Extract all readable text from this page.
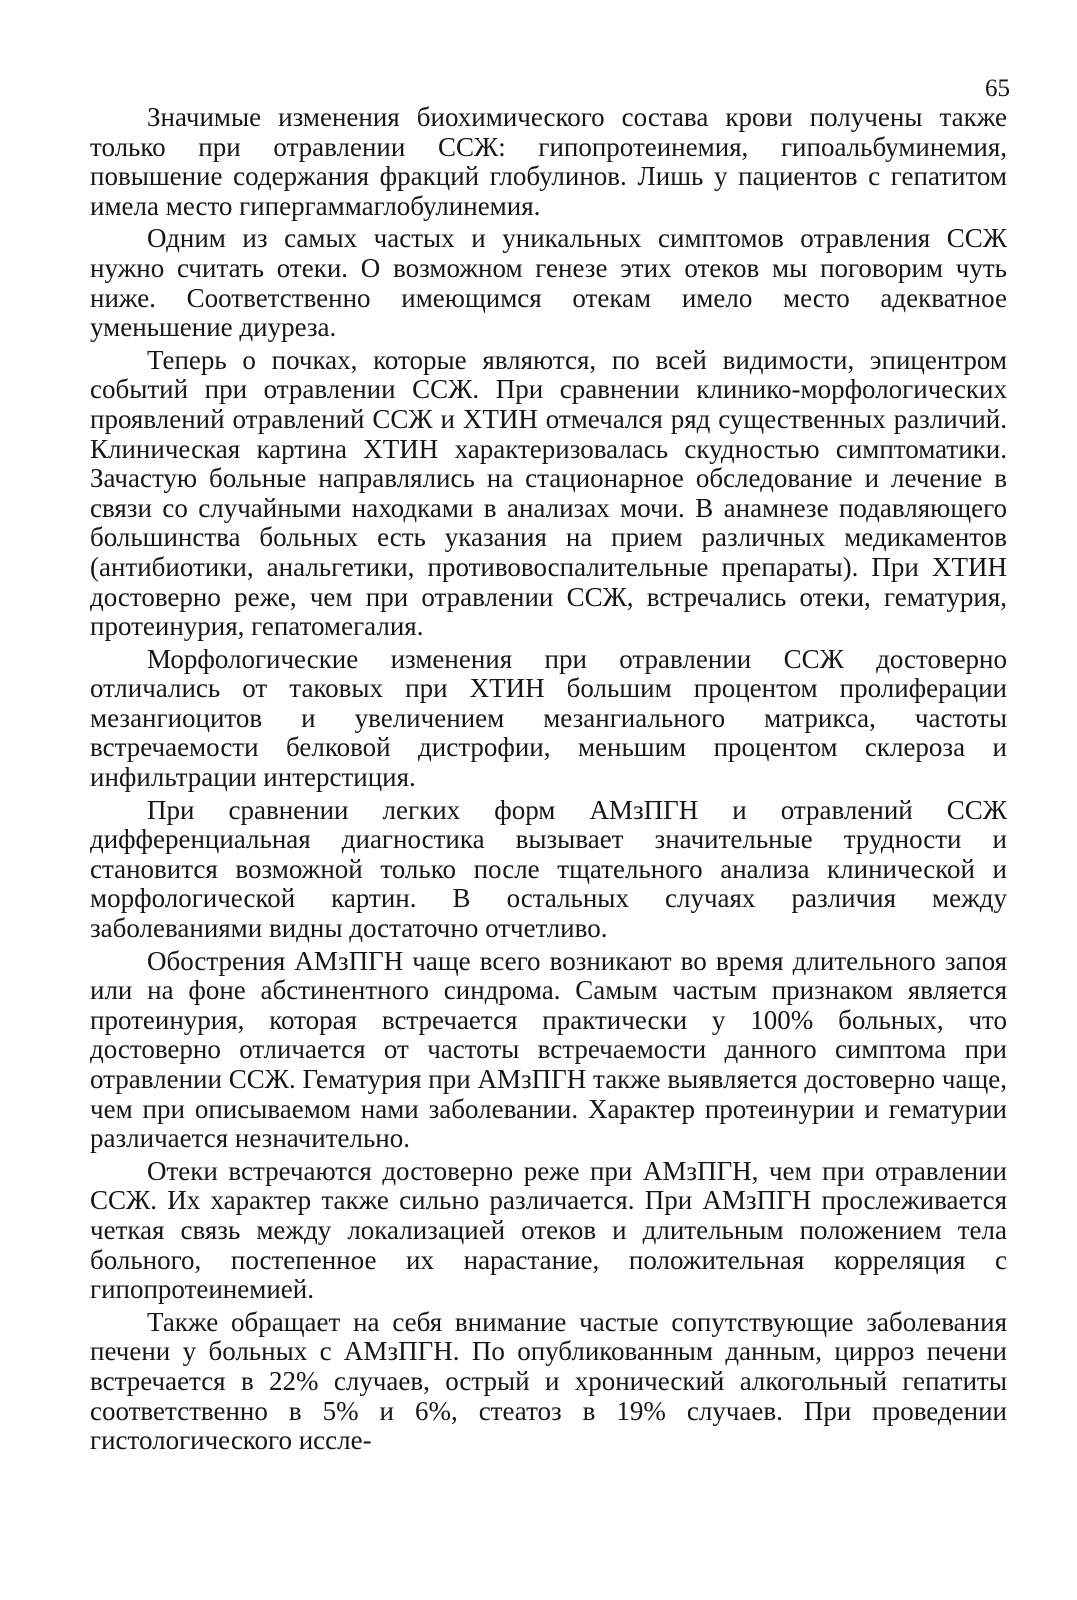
65

Значимые изменения биохимического состава крови получены также только при отравлении ССЖ: гипопротеинемия, гипоальбуминемия, повышение содержания фракций глобулинов. Лишь у пациентов с гепатитом имела место гипергаммаглобулинемия.

Одним из самых частых и уникальных симптомов отравления ССЖ нужно считать отеки. О возможном генезе этих отеков мы поговорим чуть ниже. Соответственно имеющимся отекам имело место адекватное уменьшение диуреза.

Теперь о почках, которые являются, по всей видимости, эпицентром событий при отравлении ССЖ. При сравнении клинико-морфологических проявлений отравлений ССЖ и ХТИН отмечался ряд существенных различий. Клиническая картина ХТИН характеризовалась скудностью симптоматики. Зачастую больные направлялись на стационарное обследование и лечение в связи со случайными находками в анализах мочи. В анамнезе подавляющего большинства больных есть указания на прием различных медикаментов (антибиотики, анальгетики, противовоспалительные препараты). При ХТИН достоверно реже, чем при отравлении ССЖ, встречались отеки, гематурия, протеинурия, гепатомегалия.

Морфологические изменения при отравлении ССЖ достоверно отличались от таковых при ХТИН большим процентом пролиферации мезангиоцитов и увеличением мезангиального матрикса, частоты встречаемости белковой дистрофии, меньшим процентом склероза и инфильтрации интерстиция.

При сравнении легких форм АМзПГН и отравлений ССЖ дифференциальная диагностика вызывает значительные трудности и становится возможной только после тщательного анализа клинической и морфологической картин. В остальных случаях различия между заболеваниями видны достаточно отчетливо.

Обострения АМзПГН чаще всего возникают во время длительного запоя или на фоне абстинентного синдрома. Самым частым признаком является протеинурия, которая встречается практически у 100% больных, что достоверно отличается от частоты встречаемости данного симптома при отравлении ССЖ. Гематурия при АМзПГН также выявляется достоверно чаще, чем при описываемом нами заболевании. Характер протеинурии и гематурии различается незначительно.

Отеки встречаются достоверно реже при АМзПГН, чем при отравлении ССЖ. Их характер также сильно различается. При АМзПГН прослеживается четкая связь между локализацией отеков и длительным положением тела больного, постепенное их нарастание, положительная корреляция с гипопротеинемией.

Также обращает на себя внимание частые сопутствующие заболевания печени у больных с АМзПГН. По опубликованным данным, цирроз печени встречается в 22% случаев, острый и хронический алкогольный гепатиты соответственно в 5% и 6%, стеатоз в 19% случаев. При проведении гистологического иссле-
